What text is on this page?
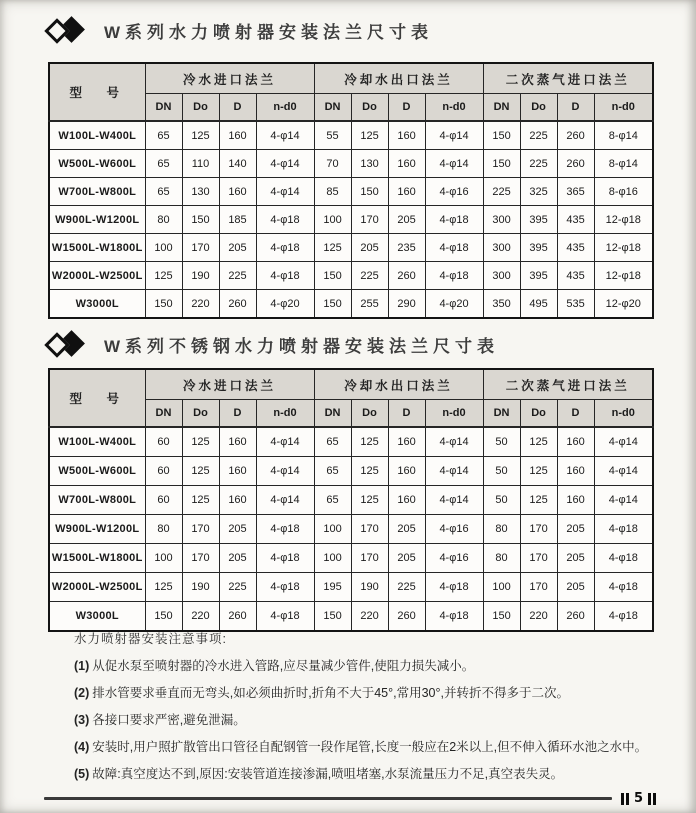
W系列水力喷射器安装法兰尺寸表
型　号	冷水进口法兰				冷却水出口法兰				二次蒸气进口法兰			
	DN	Do	D	n-d0	DN	Do	D	n-d0	DN	Do	D	n-d0
W100L-W400L	65	125	160	4-φ14	55	125	160	4-φ14	150	225	260	8-φ14
W500L-W600L	65	110	140	4-φ14	70	130	160	4-φ14	150	225	260	8-φ14
W700L-W800L	65	130	160	4-φ14	85	150	160	4-φ16	225	325	365	8-φ16
W900L-W1200L	80	150	185	4-φ18	100	170	205	4-φ18	300	395	435	12-φ18
W1500L-W1800L	100	170	205	4-φ18	125	205	235	4-φ18	300	395	435	12-φ18
W2000L-W2500L	125	190	225	4-φ18	150	225	260	4-φ18	300	395	435	12-φ18
W3000L	150	220	260	4-φ20	150	255	290	4-φ20	350	495	535	12-φ20
W系列不锈钢水力喷射器安装法兰尺寸表
型　号	冷水进口法兰				冷却水出口法兰				二次蒸气进口法兰			
	DN	Do	D	n-d0	DN	Do	D	n-d0	DN	Do	D	n-d0
W100L-W400L	60	125	160	4-φ14	65	125	160	4-φ14	50	125	160	4-φ14
W500L-W600L	60	125	160	4-φ14	65	125	160	4-φ14	50	125	160	4-φ14
W700L-W800L	60	125	160	4-φ14	65	125	160	4-φ14	50	125	160	4-φ14
W900L-W1200L	80	170	205	4-φ18	100	170	205	4-φ16	80	170	205	4-φ18
W1500L-W1800L	100	170	205	4-φ18	100	170	205	4-φ16	80	170	205	4-φ18
W2000L-W2500L	125	190	225	4-φ18	195	190	225	4-φ18	100	170	205	4-φ18
W3000L	150	220	260	4-φ18	150	220	260	4-φ18	150	220	260	4-φ18
水力喷射器安装注意事项:
(1) 从促水泵至喷射器的冷水进入管路,应尽量减少管件,使阻力损失减小。
(2) 排水管要求垂直而无弯头,如必须曲折时,折角不大于45°,常用30°,并转折不得多于二次。
(3) 各接口要求严密,避免泄漏。
(4) 安装时,用户照扩散管出口管径自配钢管一段作尾管,长度一般应在2米以上,但不伸入循环水池之水中。
(5) 故障:真空度达不到,原因:安装管道连接渗漏,喷咀堵塞,水泵流量压力不足,真空表失灵。
5
